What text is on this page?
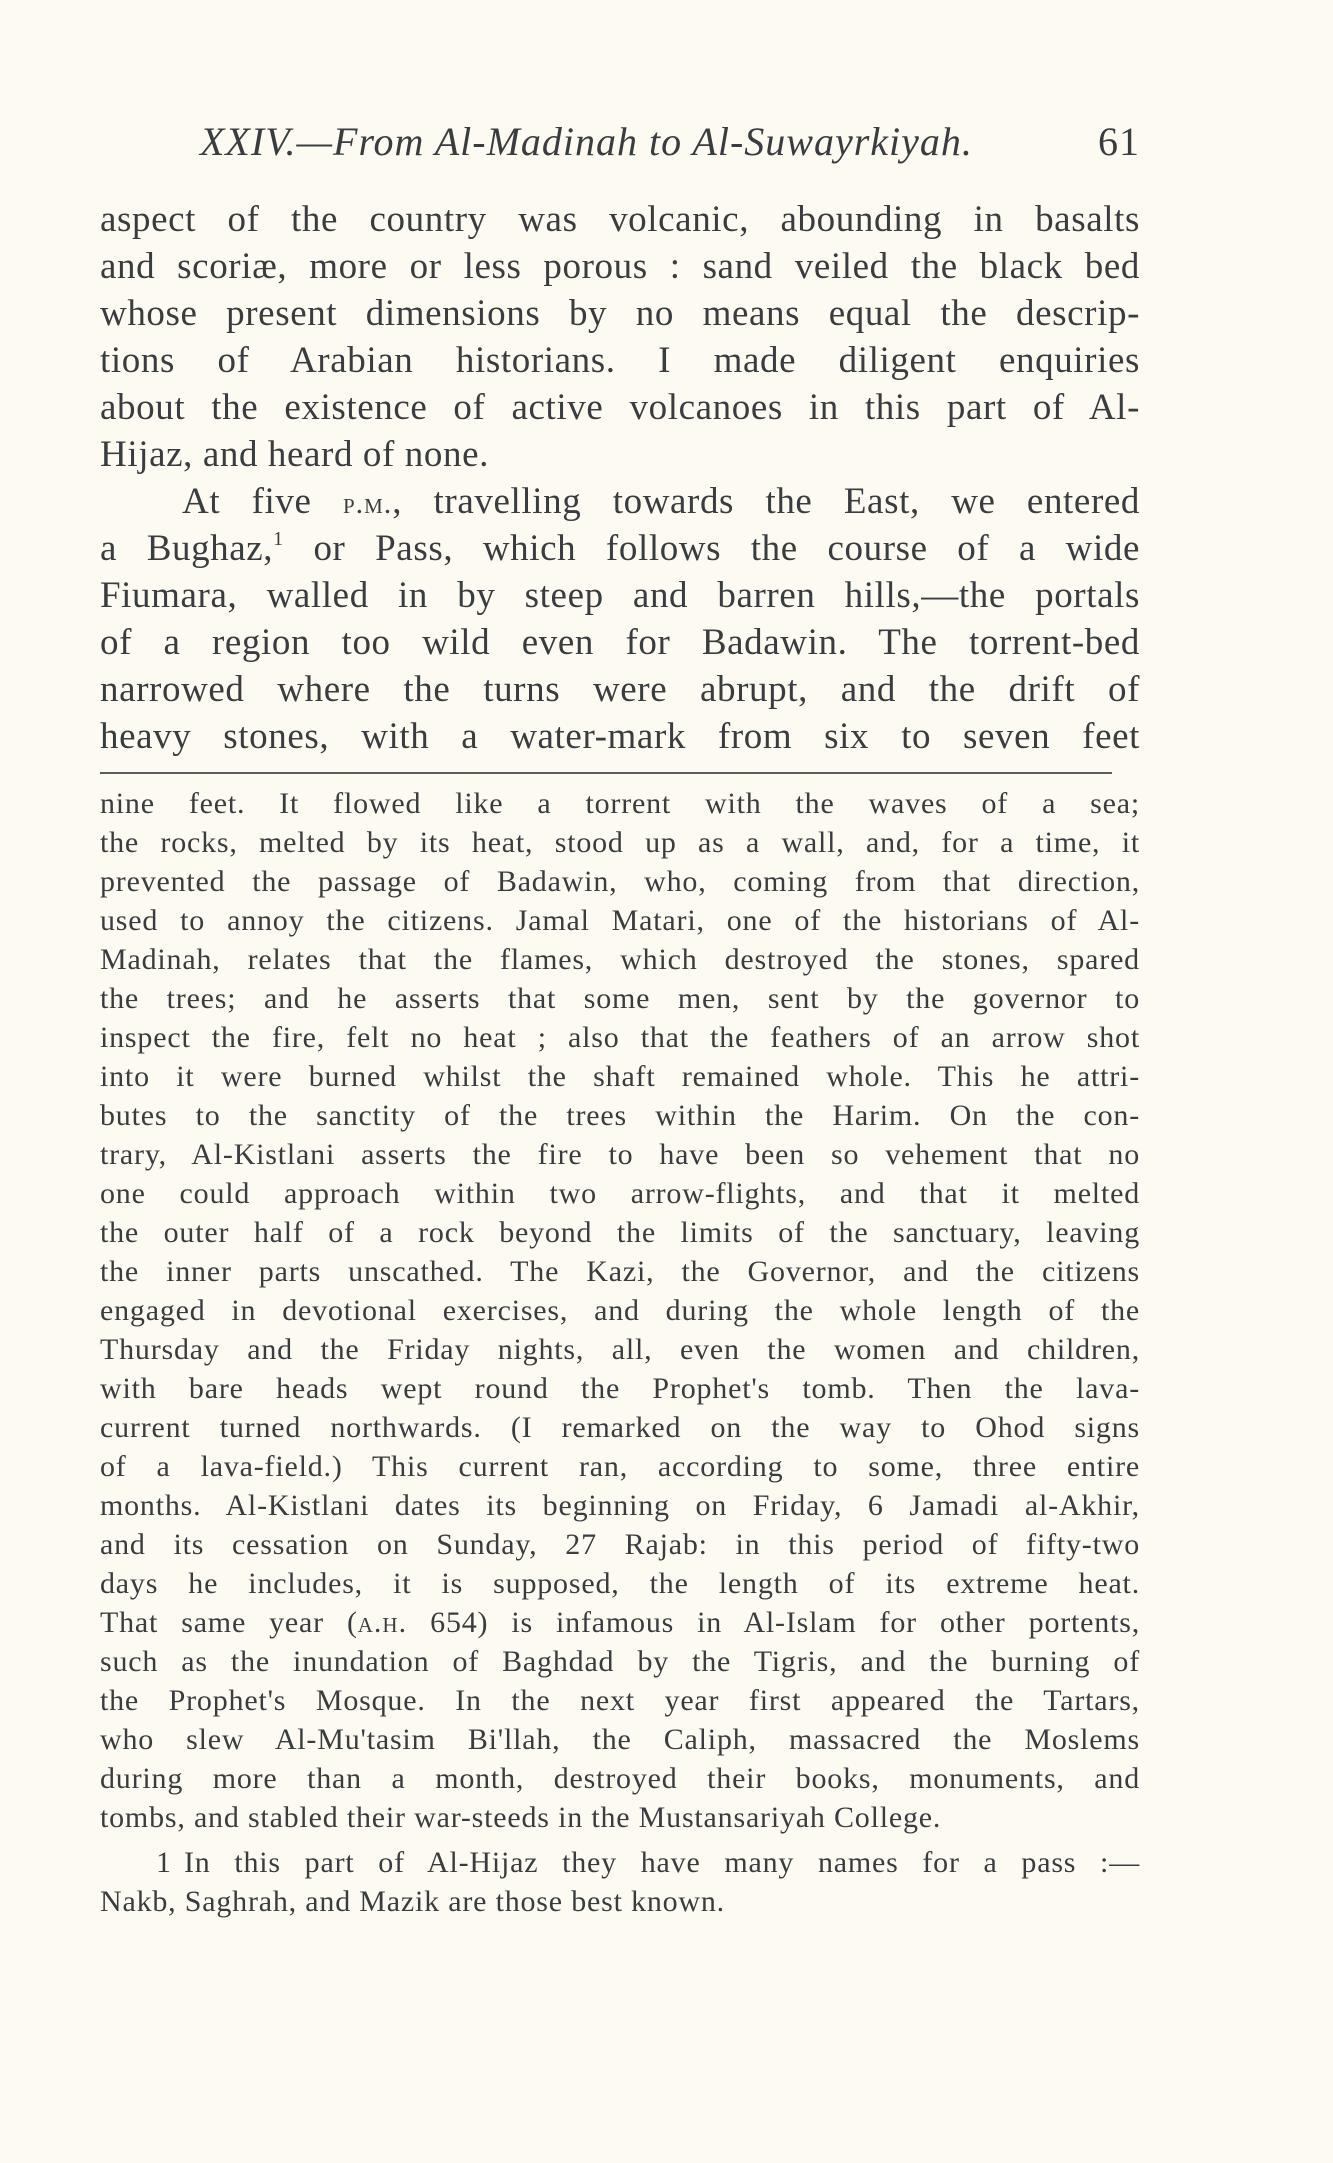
XXIV.—From Al-Madinah to Al-Suwayrkiyah.	61
aspect of the country was volcanic, abounding in basalts
and scoriæ, more or less porous : sand veiled the black bed
whose present dimensions by no means equal the descrip-
tions of Arabian historians. I made diligent enquiries
about the existence of active volcanoes in this part of Al-
Hijaz, and heard of none.
At five p.m., travelling towards the East, we entered
a Bughaz,$^1$ or Pass, which follows the course of a wide
Fiumara, walled in by steep and barren hills,—the portals
of a region too wild even for Badawin. The torrent-bed
narrowed where the turns were abrupt, and the drift of
heavy stones, with a water-mark from six to seven feet
nine feet. It flowed like a torrent with the waves of a sea;
the rocks, melted by its heat, stood up as a wall, and, for a time, it
prevented the passage of Badawin, who, coming from that direction,
used to annoy the citizens. Jamal Matari, one of the historians of Al-
Madinah, relates that the flames, which destroyed the stones, spared
the trees; and he asserts that some men, sent by the governor to
inspect the fire, felt no heat ; also that the feathers of an arrow shot
into it were burned whilst the shaft remained whole. This he attri-
butes to the sanctity of the trees within the Harim. On the con-
trary, Al-Kistlani asserts the fire to have been so vehement that no
one could approach within two arrow-flights, and that it melted
the outer half of a rock beyond the limits of the sanctuary, leaving
the inner parts unscathed. The Kazi, the Governor, and the citizens
engaged in devotional exercises, and during the whole length of the
Thursday and the Friday nights, all, even the women and children,
with bare heads wept round the Prophet's tomb. Then the lava-
current turned northwards. (I remarked on the way to Ohod signs
of a lava-field.) This current ran, according to some, three entire
months. Al-Kistlani dates its beginning on Friday, 6 Jamadi al-Akhir,
and its cessation on Sunday, 27 Rajab: in this period of fifty-two
days he includes, it is supposed, the length of its extreme heat.
That same year (a.h. 654) is infamous in Al-Islam for other portents,
such as the inundation of Baghdad by the Tigris, and the burning of
the Prophet's Mosque. In the next year first appeared the Tartars,
who slew Al-Mu'tasim Bi'llah, the Caliph, massacred the Moslems
during more than a month, destroyed their books, monuments, and
tombs, and stabled their war-steeds in the Mustansariyah College.
1 In this part of Al-Hijaz they have many names for a pass :—
Nakb, Saghrah, and Mazik are those best known.
